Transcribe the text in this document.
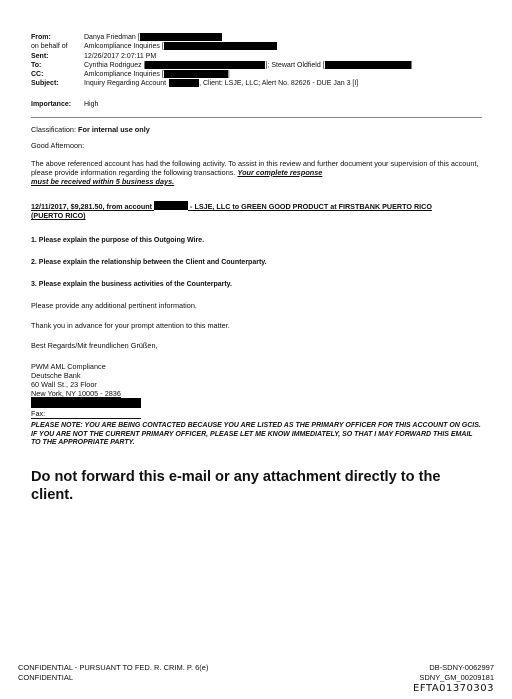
From:	Danya Friedman [
on behalf of	Amlcompliance Inquiries [
Sent:	12/26/2017 2:07:11 PM
To:	Cynthia Rodriguez [	]; Stewart Oldfield [	]
CC:	Amlcompliance Inquiries [	]
Subject:	Inquiry Regarding Account	, Client: LSJE, LLC; Alert No. 82626 - DUE Jan 3 [I]
Importance:	High
Classification: For internal use only
Good Afternoon:
The above referenced account has had the following activity. To assist in this review and further document your supervision of this account, please provide information regarding the following transactions. Your complete response
must be received within 5 business days.
12/11/2017, $9,281.50, from account	- LSJE, LLC to GREEN GOOD PRODUCT at FIRSTBANK PUERTO RICO
(PUERTO RICO)
1. Please explain the purpose of this Outgoing Wire.
2. Please explain the relationship between the Client and Counterparty.
3. Please explain the business activities of the Counterparty.
Please provide any additional pertinent information.
Thank you in advance for your prompt attention to this matter.
Best Regards/Mit freundlichen Grüßen,
PWM AML Compliance
Deutsche Bank
60 Wall St., 23 Floor
New York, NY 10005 - 2836
Fax:
PLEASE NOTE: YOU ARE BEING CONTACTED BECAUSE YOU ARE LISTED AS THE PRIMARY OFFICER FOR THIS ACCOUNT ON GCIS. IF YOU ARE NOT THE CURRENT PRIMARY OFFICER, PLEASE LET ME KNOW IMMEDIATELY, SO THAT I MAY FORWARD THIS EMAIL TO THE APPROPRIATE PARTY.
Do not forward this e-mail or any attachment directly to the client.
CONFIDENTIAL - PURSUANT TO FED. R. CRIM. P. 6(e)
CONFIDENTIAL
DB-SDNY-0062997
SDNY_GM_00209181
EFTA01370303
